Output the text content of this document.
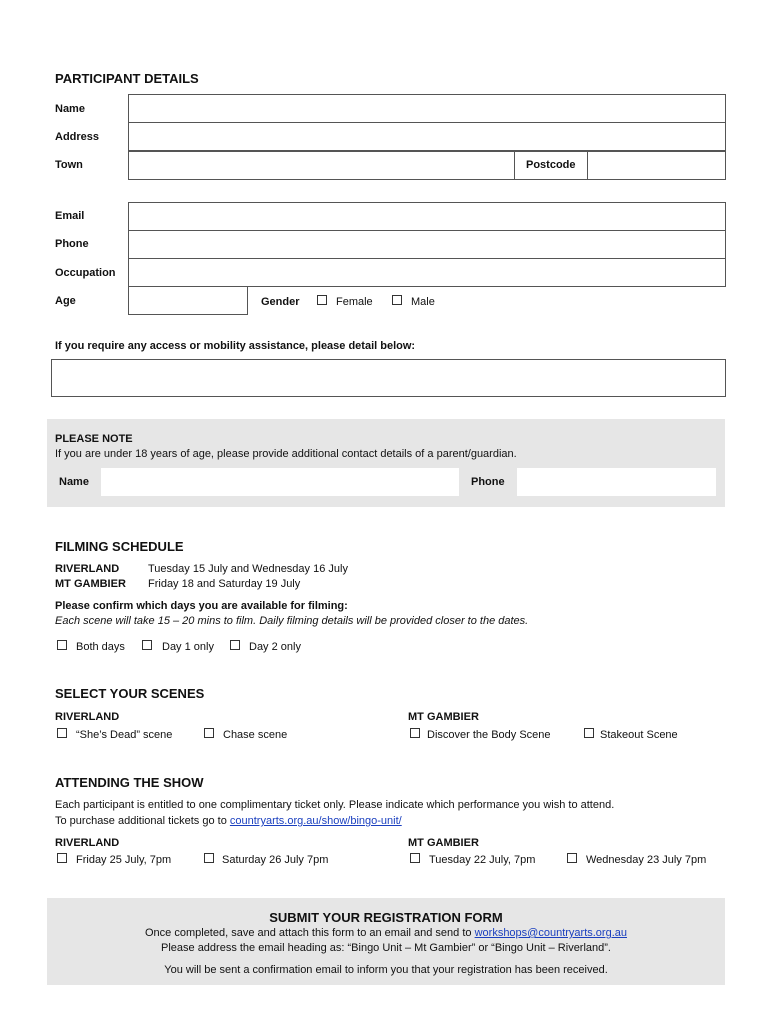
PARTICIPANT DETAILS
Name
Address
Town	Postcode
Email
Phone
Occupation
Age	Gender	Female	Male
If you require any access or mobility assistance, please detail below:
PLEASE NOTE
If you are under 18 years of age, please provide additional contact details of a parent/guardian.
Name	Phone
FILMING SCHEDULE
RIVERLAND	Tuesday 15 July and Wednesday 16 July
MT GAMBIER Friday 18 and Saturday 19 July
Please confirm which days you are available for filming:
Each scene will take 15 – 20 mins to film. Daily filming details will be provided closer to the dates.
Both days	Day 1 only	Day 2 only
SELECT YOUR SCENES
RIVERLAND	MT GAMBIER
“She’s Dead” scene	Chase scene	Discover the Body Scene	Stakeout Scene
ATTENDING THE SHOW
Each participant is entitled to one complimentary ticket only. Please indicate which performance you wish to attend.
To purchase additional tickets go to countryarts.org.au/show/bingo-unit/
RIVERLAND	MT GAMBIER
Friday 25 July, 7pm	Saturday 26 July 7pm	Tuesday 22 July, 7pm	Wednesday 23 July 7pm
SUBMIT YOUR REGISTRATION FORM
Once completed, save and attach this form to an email and send to workshops@countryarts.org.au
Please address the email heading as: “Bingo Unit – Mt Gambier” or “Bingo Unit – Riverland”.
You will be sent a confirmation email to inform you that your registration has been received.
